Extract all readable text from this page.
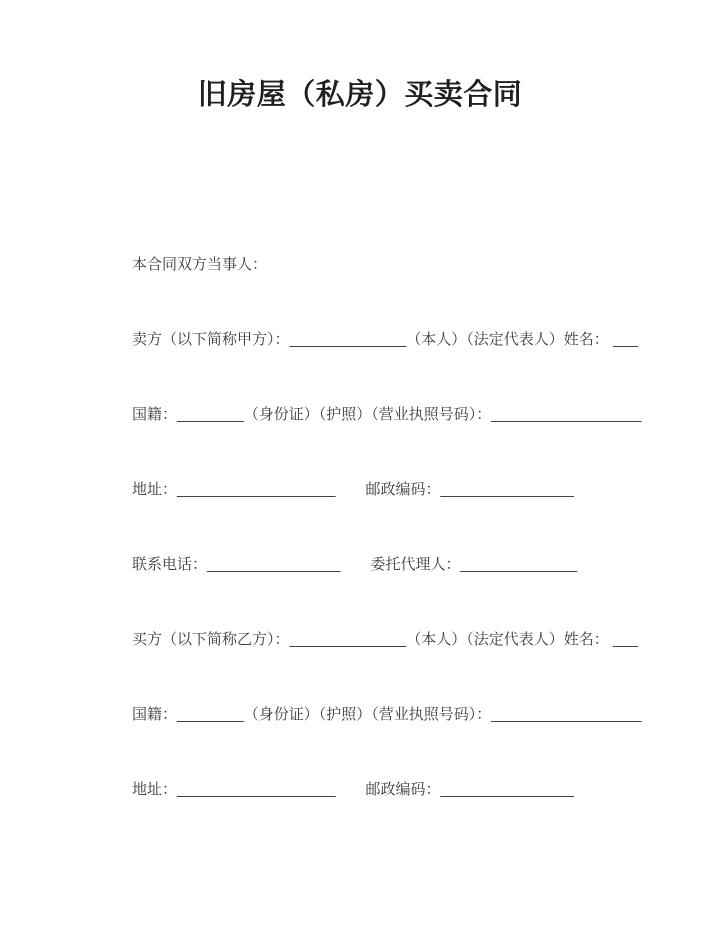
旧房屋（私房）买卖合同

本合同双方当事人：

卖方（以下简称甲方）：______________（本人）（法定代表人）姓名： ___

国籍：________（身份证）（护照）（营业执照号码）：__________________

地址：___________________　　邮政编码：________________

联系电话：________________　　委托代理人：______________

买方（以下简称乙方）：______________（本人）（法定代表人）姓名： ___

国籍：________（身份证）（护照）（营业执照号码）：__________________

地址：___________________　　邮政编码：________________
